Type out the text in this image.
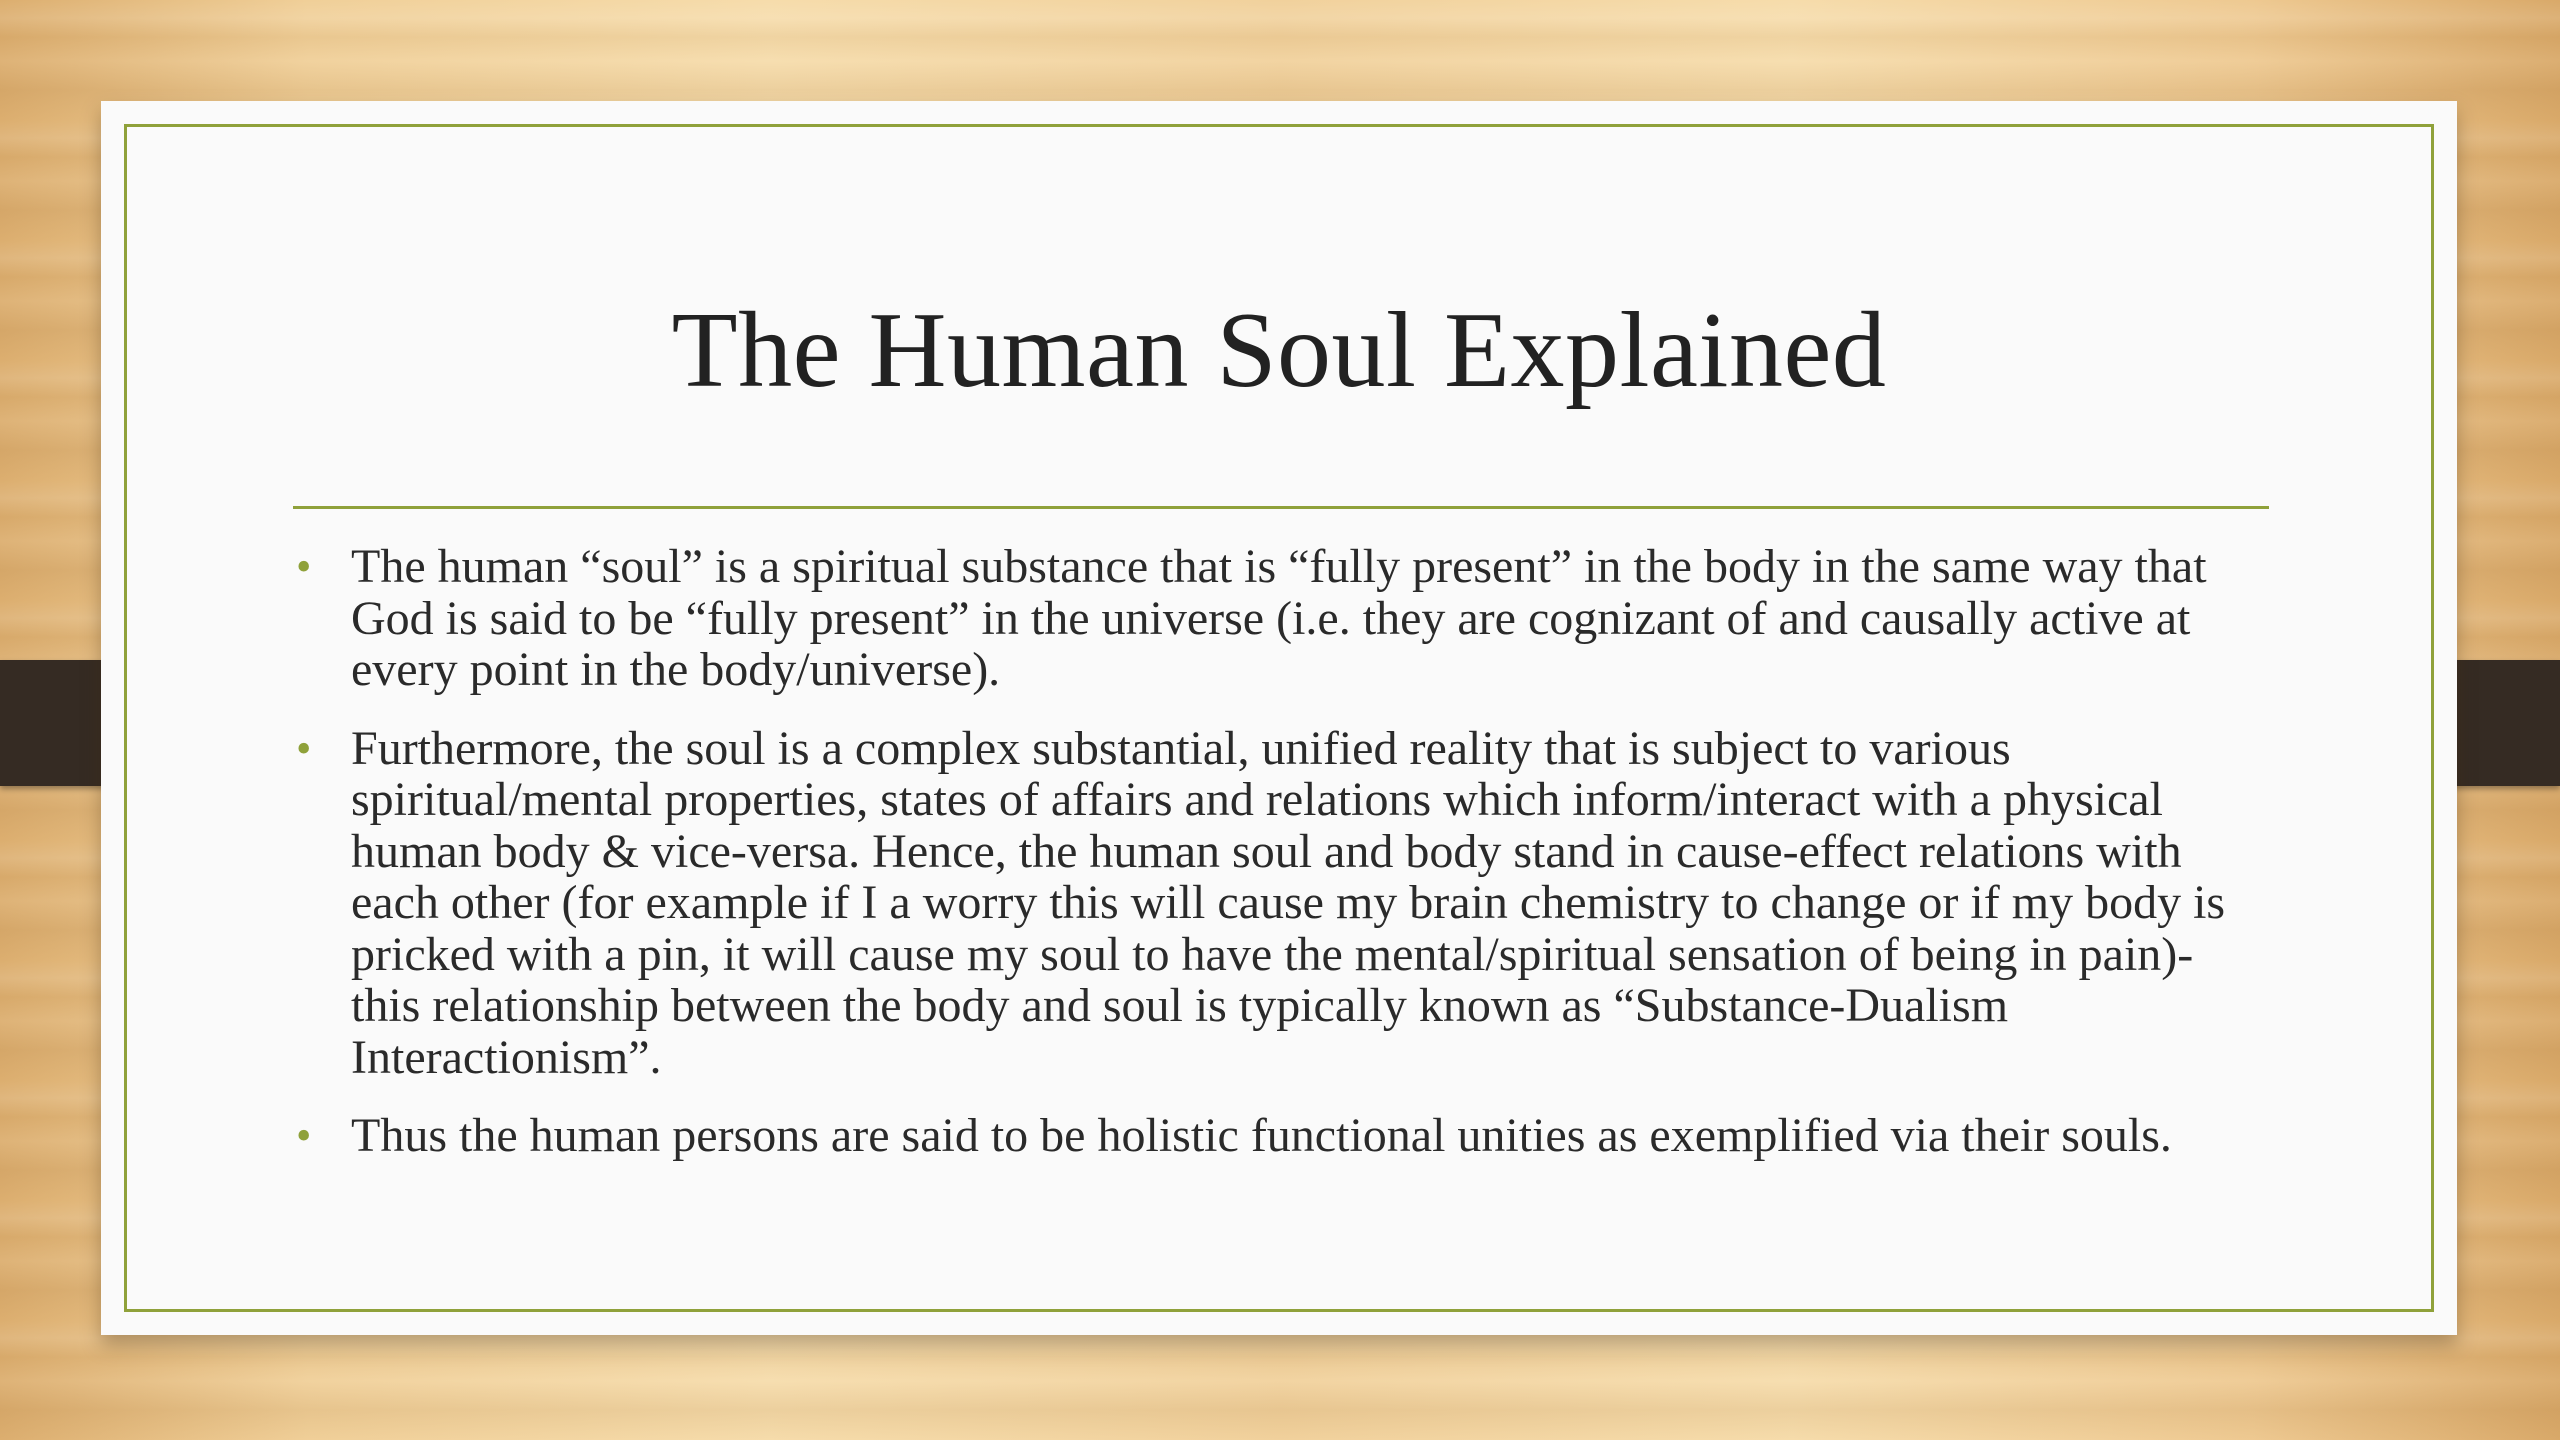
The Human Soul Explained
• The human “soul” is a spiritual substance that is “fully present” in the body in the same way that God is said to be “fully present” in the universe (i.e. they are cognizant of and causally active at every point in the body/universe).
• Furthermore, the soul is a complex substantial, unified reality that is subject to various spiritual/mental properties, states of affairs and relations which inform/interact with a physical human body & vice-versa. Hence, the human soul and body stand in cause-effect relations with each other (for example if I a worry this will cause my brain chemistry to change or if my body is pricked with a pin, it will cause my soul to have the mental/spiritual sensation of being in pain)- this relationship between the body and soul is typically known as “Substance-Dualism Interactionism”.
• Thus the human persons are said to be holistic functional unities as exemplified via their souls.
